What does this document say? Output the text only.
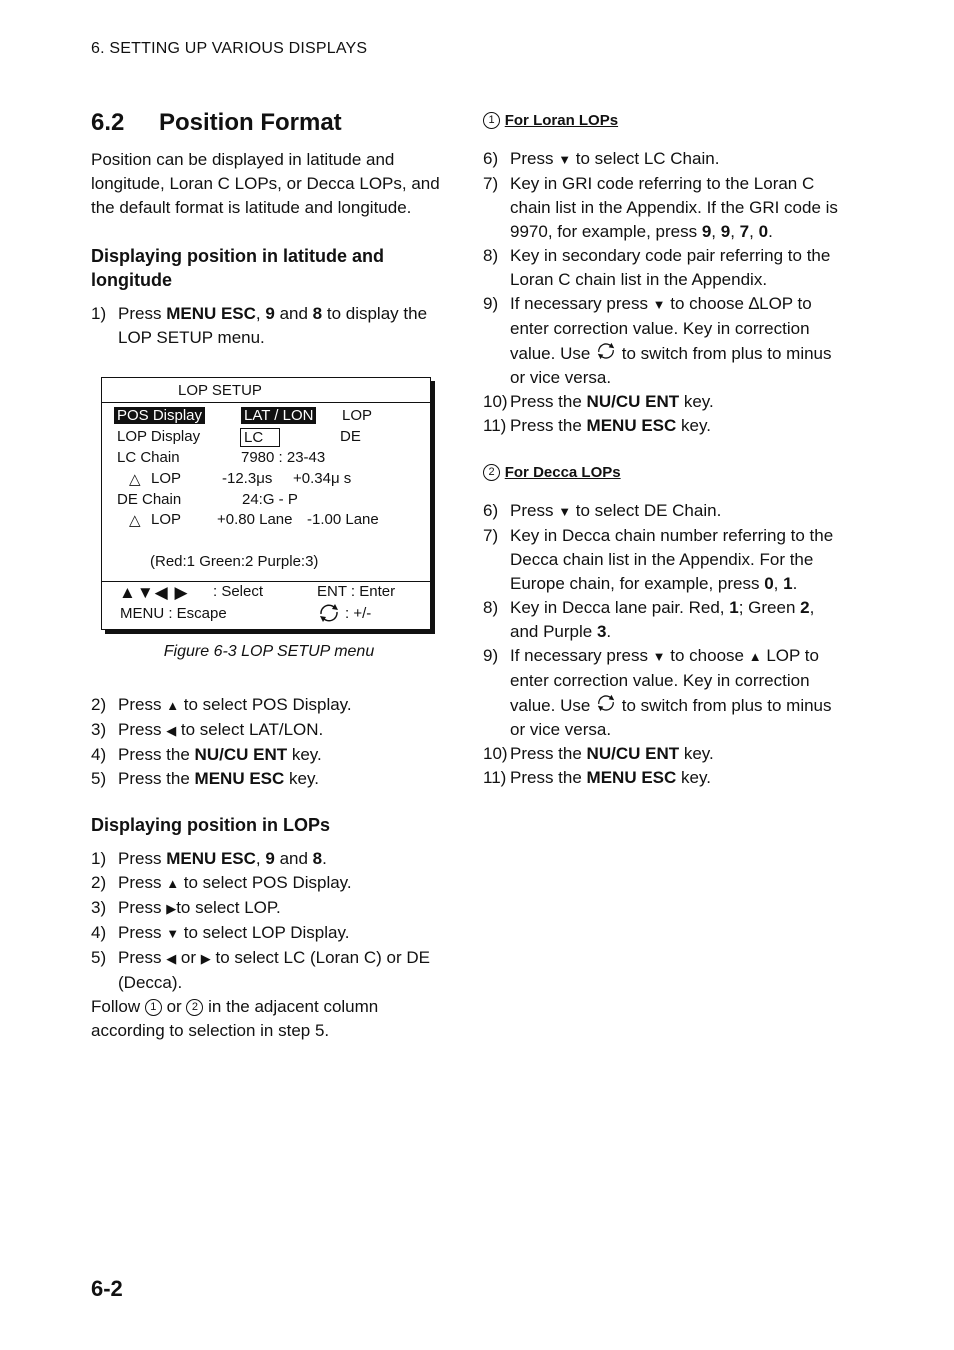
6. SETTING UP VARIOUS DISPLAYS
6.2 Position Format

Position can be displayed in latitude and longitude, Loran C LOPs, or Decca LOPs, and the default format is latitude and longitude.

Displaying position in latitude and longitude
1) Press MENU ESC, 9 and 8 to display the LOP SETUP menu.
LOP SETUP
POS Display	LAT / LON LOP
LOP Display	LC	DE
LC Chain	7980 : 23-43
△ LOP	-12.3μs +0.34μ s
DE Chain	24:G - P
△ LOP +0.80 Lane -1.00 Lane
(Red:1 Green:2 Purple:3)
▲▼◀ ▶ : Select	ENT : Enter
MENU : Escape	: +/-
Figure 6-3 LOP SETUP menu
2) Press ▲ to select POS Display.
3) Press ◀ to select LAT/LON.
4) Press the NU/CU ENT key.
5) Press the MENU ESC key.
Displaying position in LOPs
1) Press MENU ESC, 9 and 8.
2) Press ▲ to select POS Display.
3) Press ▶to select LOP.
4) Press ▼ to select LOP Display.
5) Press ◀ or ▶ to select LC (Loran C) or DE (Decca).

Follow 1 or 2 in the adjacent column according to selection in step 5.

1 For Loran LOPs
6) Press ▼ to select LC Chain.
7) Key in GRI code referring to the Loran C chain list in the Appendix. If the GRI code is 9970, for example, press 9, 9, 7, 0.
8) Key in secondary code pair referring to the Loran C chain list in the Appendix.
9) If necessary press ▼ to choose ∆LOP to enter correction value. Key in correction value. Use  to switch from plus to minus or vice versa.
10) Press the NU/CU ENT key.
11) Press the MENU ESC key.
2 For Decca LOPs
6) Press ▼ to select DE Chain.
7) Key in Decca chain number referring to the Decca chain list in the Appendix. For the Europe chain, for example, press 0, 1.
8) Key in Decca lane pair. Red, 1; Green 2, and Purple 3.
9) If necessary press ▼ to choose ▲ LOP to enter correction value. Key in correction value. Use  to switch from plus to minus or vice versa.
10) Press the NU/CU ENT key.
11) Press the MENU ESC key.
6-2
